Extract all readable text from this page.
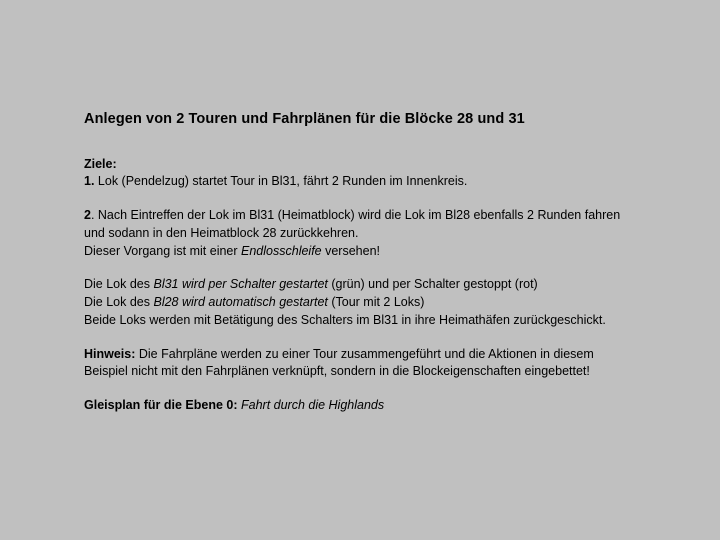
Anlegen von 2 Touren und Fahrplänen für die Blöcke 28 und 31

Ziele:

1. Lok (Pendelzug) startet Tour in Bl31, fährt 2 Runden im Innenkreis.

2. Nach Eintreffen der Lok im Bl31 (Heimatblock) wird die Lok im Bl28 ebenfalls 2 Runden fahren

und sodann in den Heimatblock 28 zurückkehren.

Dieser Vorgang ist mit einer Endlosschleife versehen!

Die Lok des Bl31 wird per Schalter gestartet (grün) und per Schalter gestoppt (rot)

Die Lok des Bl28 wird automatisch gestartet (Tour mit 2 Loks)

Beide Loks werden mit Betätigung des Schalters im Bl31 in ihre Heimathäfen zurückgeschickt.

Hinweis: Die Fahrpläne werden zu einer Tour zusammengeführt und die Aktionen in diesem

Beispiel nicht mit den Fahrplänen verknüpft, sondern in die Blockeigenschaften eingebettet!

Gleisplan für die Ebene 0: Fahrt durch die Highlands
